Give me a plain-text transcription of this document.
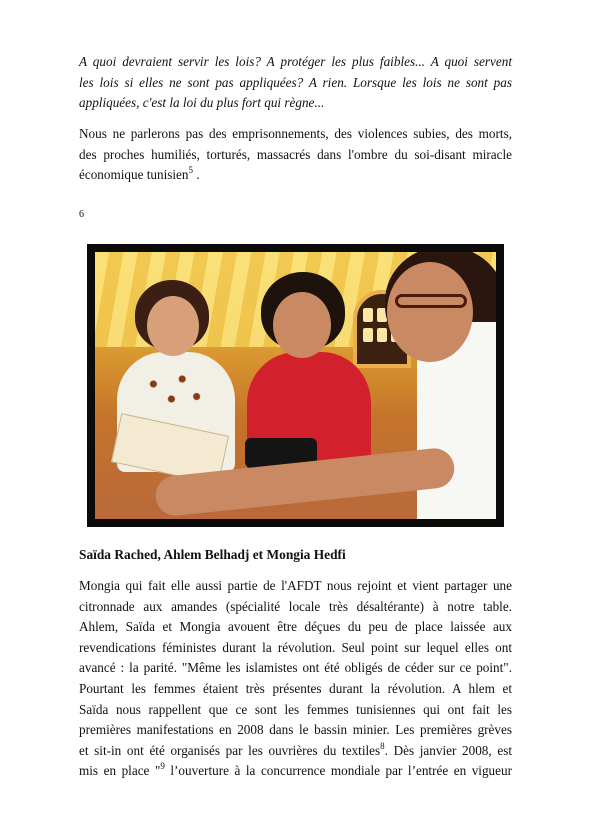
A quoi devraient servir les lois? A protéger les plus faibles... A quoi servent
les lois si elles ne sont pas appliquées? A rien. Lorsque les lois ne sont pas
appliquées, c'est la loi du plus fort qui règne...
Nous ne parlerons pas des emprisonnements, des violences subies, des morts,
des proches humiliés, torturés, massacrés dans l'ombre du soi-disant miracle
économique tunisien$^5$ .
6
Saïda Rached, Ahlem Belhadj et Mongia Hedfi
Mongia qui fait elle aussi partie de l'AFDT nous rejoint et vient partager une
citronnade aux amandes (spécialité locale très désaltérante) à notre table.
Ahlem, Saïda et Mongia avouent être déçues du peu de place laissée aux
revendications féministes durant la révolution. Seul point sur lequel elles ont
avancé : la parité. "Même les islamistes ont été obligés de céder sur ce point".
Pourtant les femmes étaient très présentes durant la révolution. A hlem et
Saïda nous rappellent que ce sont les femmes tunisiennes qui ont fait les
premières manifestations en 2008 dans le bassin minier. Les premières grèves
et sit-in ont été organisés par les ouvrières du textiles$^8$. Dès janvier 2008, est
mis en place "$^9$ l’ouverture à la concurrence mondiale par l’entrée en vigueur
